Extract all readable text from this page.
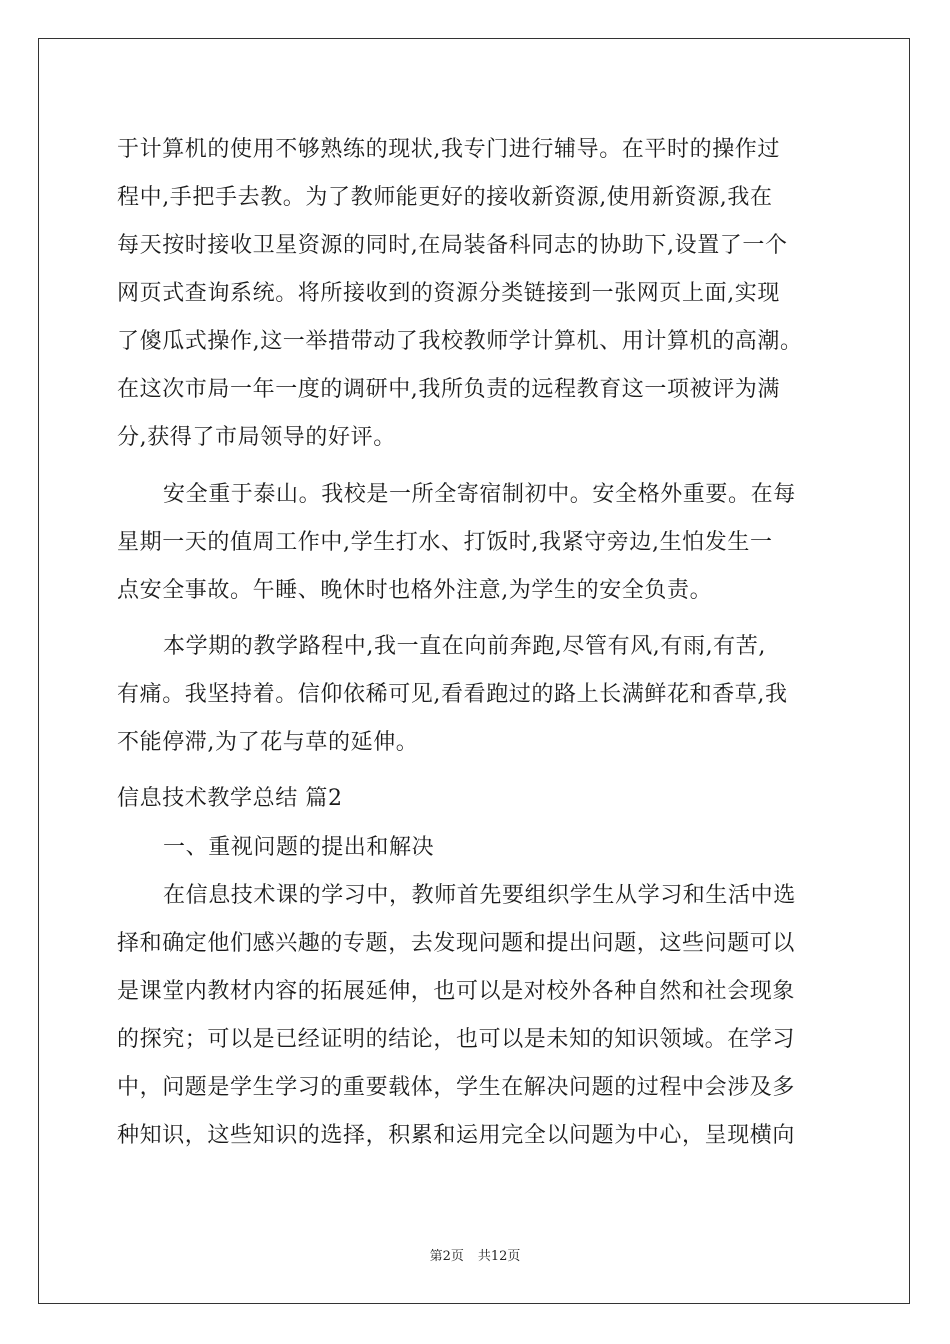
于计算机的使用不够熟练的现状,我专门进行辅导。在平时的操作过
程中,手把手去教。为了教师能更好的接收新资源,使用新资源,我在
每天按时接收卫星资源的同时,在局装备科同志的协助下,设置了一个
网页式查询系统。将所接收到的资源分类链接到一张网页上面,实现
了傻瓜式操作,这一举措带动了我校教师学计算机、用计算机的高潮。
在这次市局一年一度的调研中,我所负责的远程教育这一项被评为满
分,获得了市局领导的好评。
安全重于泰山。我校是一所全寄宿制初中。安全格外重要。在每
星期一天的值周工作中,学生打水、打饭时,我紧守旁边,生怕发生一
点安全事故。午睡、晚休时也格外注意,为学生的安全负责。
本学期的教学路程中,我一直在向前奔跑,尽管有风,有雨,有苦,
有痛。我坚持着。信仰依稀可见,看看跑过的路上长满鲜花和香草,我
不能停滞,为了花与草的延伸。
信息技术教学总结 篇2
一、重视问题的提出和解决
在信息技术课的学习中，教师首先要组织学生从学习和生活中选
择和确定他们感兴趣的专题，去发现问题和提出问题，这些问题可以
是课堂内教材内容的拓展延伸，也可以是对校外各种自然和社会现象
的探究；可以是已经证明的结论，也可以是未知的知识领域。在学习
中，问题是学生学习的重要载体，学生在解决问题的过程中会涉及多
种知识，这些知识的选择，积累和运用完全以问题为中心，呈现横向
第2页 共12页
